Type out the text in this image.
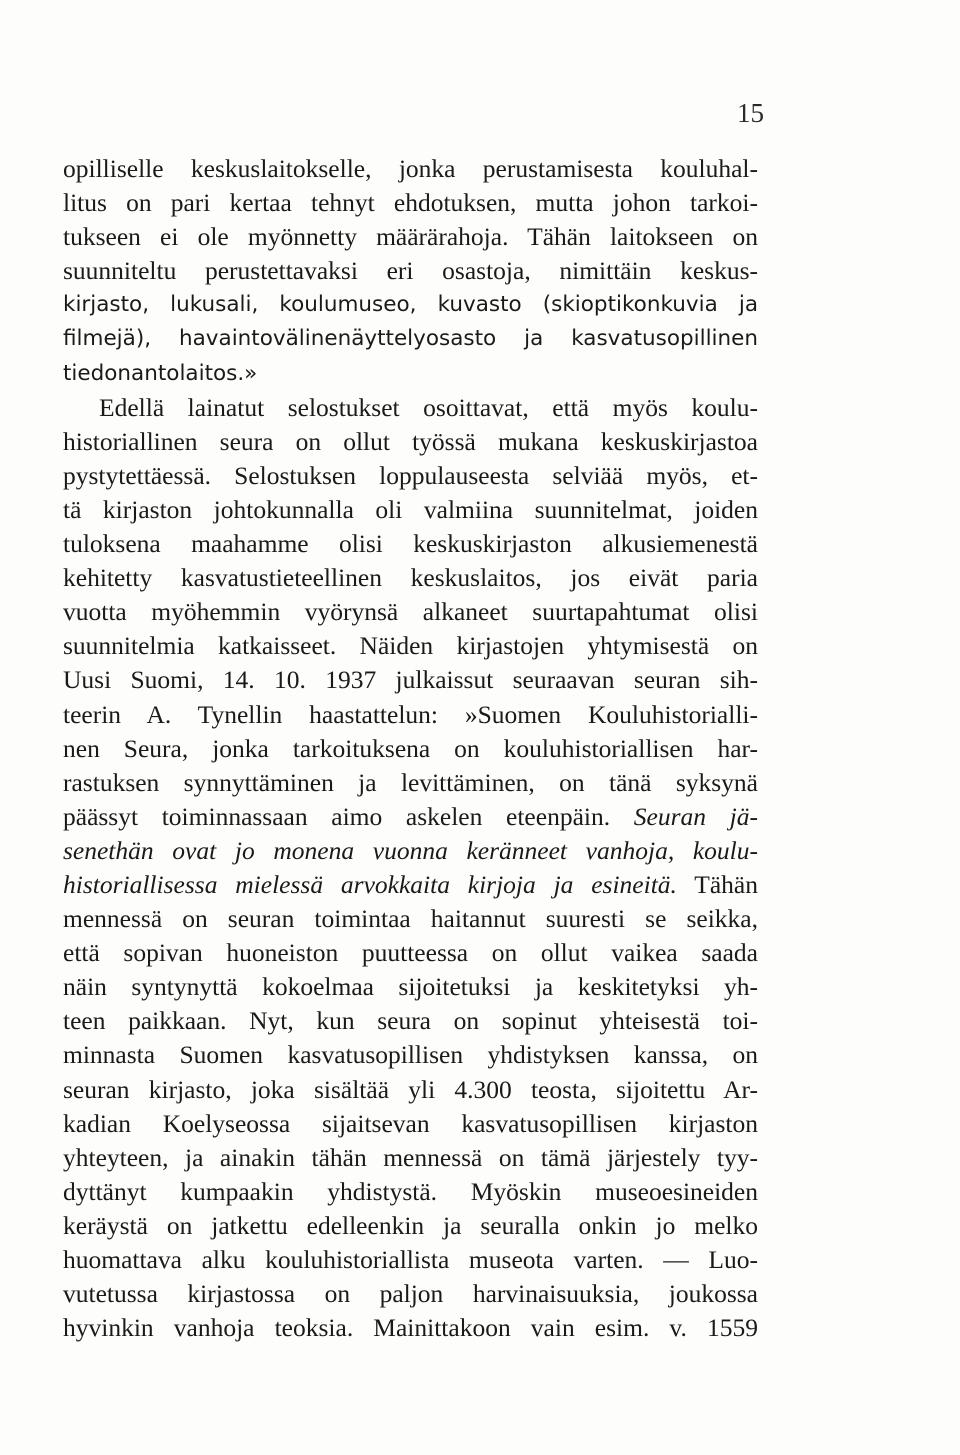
15
opilliselle keskuslaitokselle, jonka perustamisesta kouluhal-
litus on pari kertaa tehnyt ehdotuksen, mutta johon tarkoi-
tukseen ei ole myönnetty määrärahoja. Tähän laitokseen on
suunniteltu perustettavaksi eri osastoja, nimittäin keskus-
kirjasto, lukusali, koulumuseo, kuvasto (skioptikonkuvia ja
filmejä), havaintovälinenäyttelyosasto ja kasvatusopillinen
tiedonantolaitos.»
Edellä lainatut selostukset osoittavat, että myös koulu-
historiallinen seura on ollut työssä mukana keskuskirjastoa
pystytettäessä. Selostuksen loppulauseesta selviää myös, et-
tä kirjaston johtokunnalla oli valmiina suunnitelmat, joiden
tuloksena maahamme olisi keskuskirjaston alkusiemenestä
kehitetty kasvatustieteellinen keskuslaitos, jos eivät paria
vuotta myöhemmin vyörynsä alkaneet suurtapahtumat olisi
suunnitelmia katkaisseet. Näiden kirjastojen yhtymisestä on
Uusi Suomi, 14. 10. 1937 julkaissut seuraavan seuran sih-
teerin A. Tynellin haastattelun: »Suomen Kouluhistorialli-
nen Seura, jonka tarkoituksena on kouluhistoriallisen har-
rastuksen synnyttäminen ja levittäminen, on tänä syksynä
päässyt toiminnassaan aimo askelen eteenpäin. Seuran jä-
senethän ovat jo monena vuonna keränneet vanhoja, koulu-
historiallisessa mielessä arvokkaita kirjoja ja esineitä. Tähän
mennessä on seuran toimintaa haitannut suuresti se seikka,
että sopivan huoneiston puutteessa on ollut vaikea saada
näin syntynyttä kokoelmaa sijoitetuksi ja keskitetyksi yh-
teen paikkaan. Nyt, kun seura on sopinut yhteisestä toi-
minnasta Suomen kasvatusopillisen yhdistyksen kanssa, on
seuran kirjasto, joka sisältää yli 4.300 teosta, sijoitettu Ar-
kadian Koelyseossa sijaitsevan kasvatusopillisen kirjaston
yhteyteen, ja ainakin tähän mennessä on tämä järjestely tyy-
dyttänyt kumpaakin yhdistystä. Myöskin museoesineiden
keräystä on jatkettu edelleenkin ja seuralla onkin jo melko
huomattava alku kouluhistoriallista museota varten. — Luo-
vutetussa kirjastossa on paljon harvinaisuuksia, joukossa
hyvinkin vanhoja teoksia. Mainittakoon vain esim. v. 1559
